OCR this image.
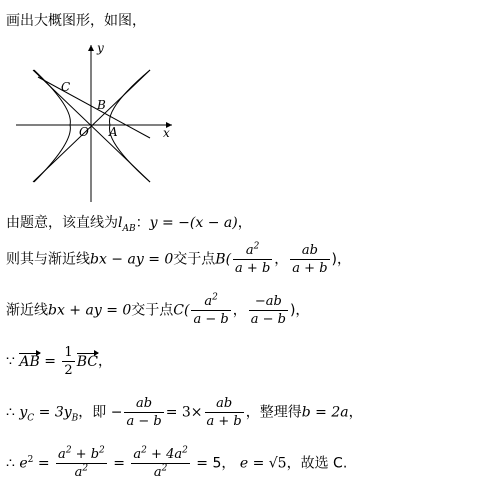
画出大概图形，如图，
y
x
O A
B
C
由题意，该直线为$l_{AB}$：y = −(x − a)，
则其与渐近线bx − ay = 0交于点$B( \frac{a^2}{a + b}$ ， $\frac{ab}{a + b}$ )，
渐近线bx + ay = 0交于点$C( \frac{a^2}{a - b}$ ， $\frac{-ab}{a - b}$ )，
∵ AB = $\frac{1}{2}$ BC，
∴ $y_C = 3y_B$，即 − $\frac{ab}{a - b} = 3\times \frac{ab}{a + b}$ ，整理得b = 2a，
∴ $e^2 = \frac{a^2 + b^2}{a^2} = \frac{a^2 + 4a^2}{a^2} = 5$， e = √5，故选 C.
